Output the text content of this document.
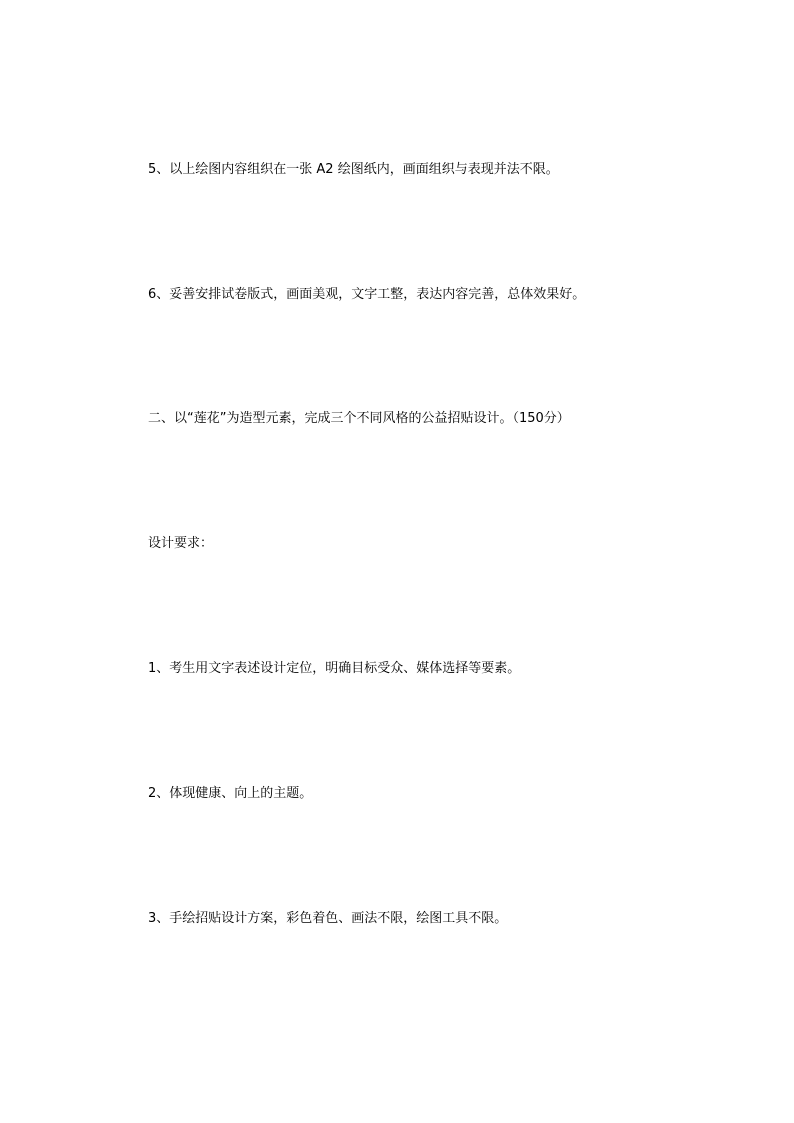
5、以上绘图内容组织在一张 A2 绘图纸内，画面组织与表现并法不限。

6、妥善安排试卷版式，画面美观，文字工整，表达内容完善，总体效果好。

二、以“莲花”为造型元素，完成三个不同风格的公益招贴设计。（150分）

设计要求：

1、考生用文字表述设计定位，明确目标受众、媒体选择等要素。

2、体现健康、向上的主题。

3、手绘招贴设计方案，彩色着色、画法不限，绘图工具不限。
